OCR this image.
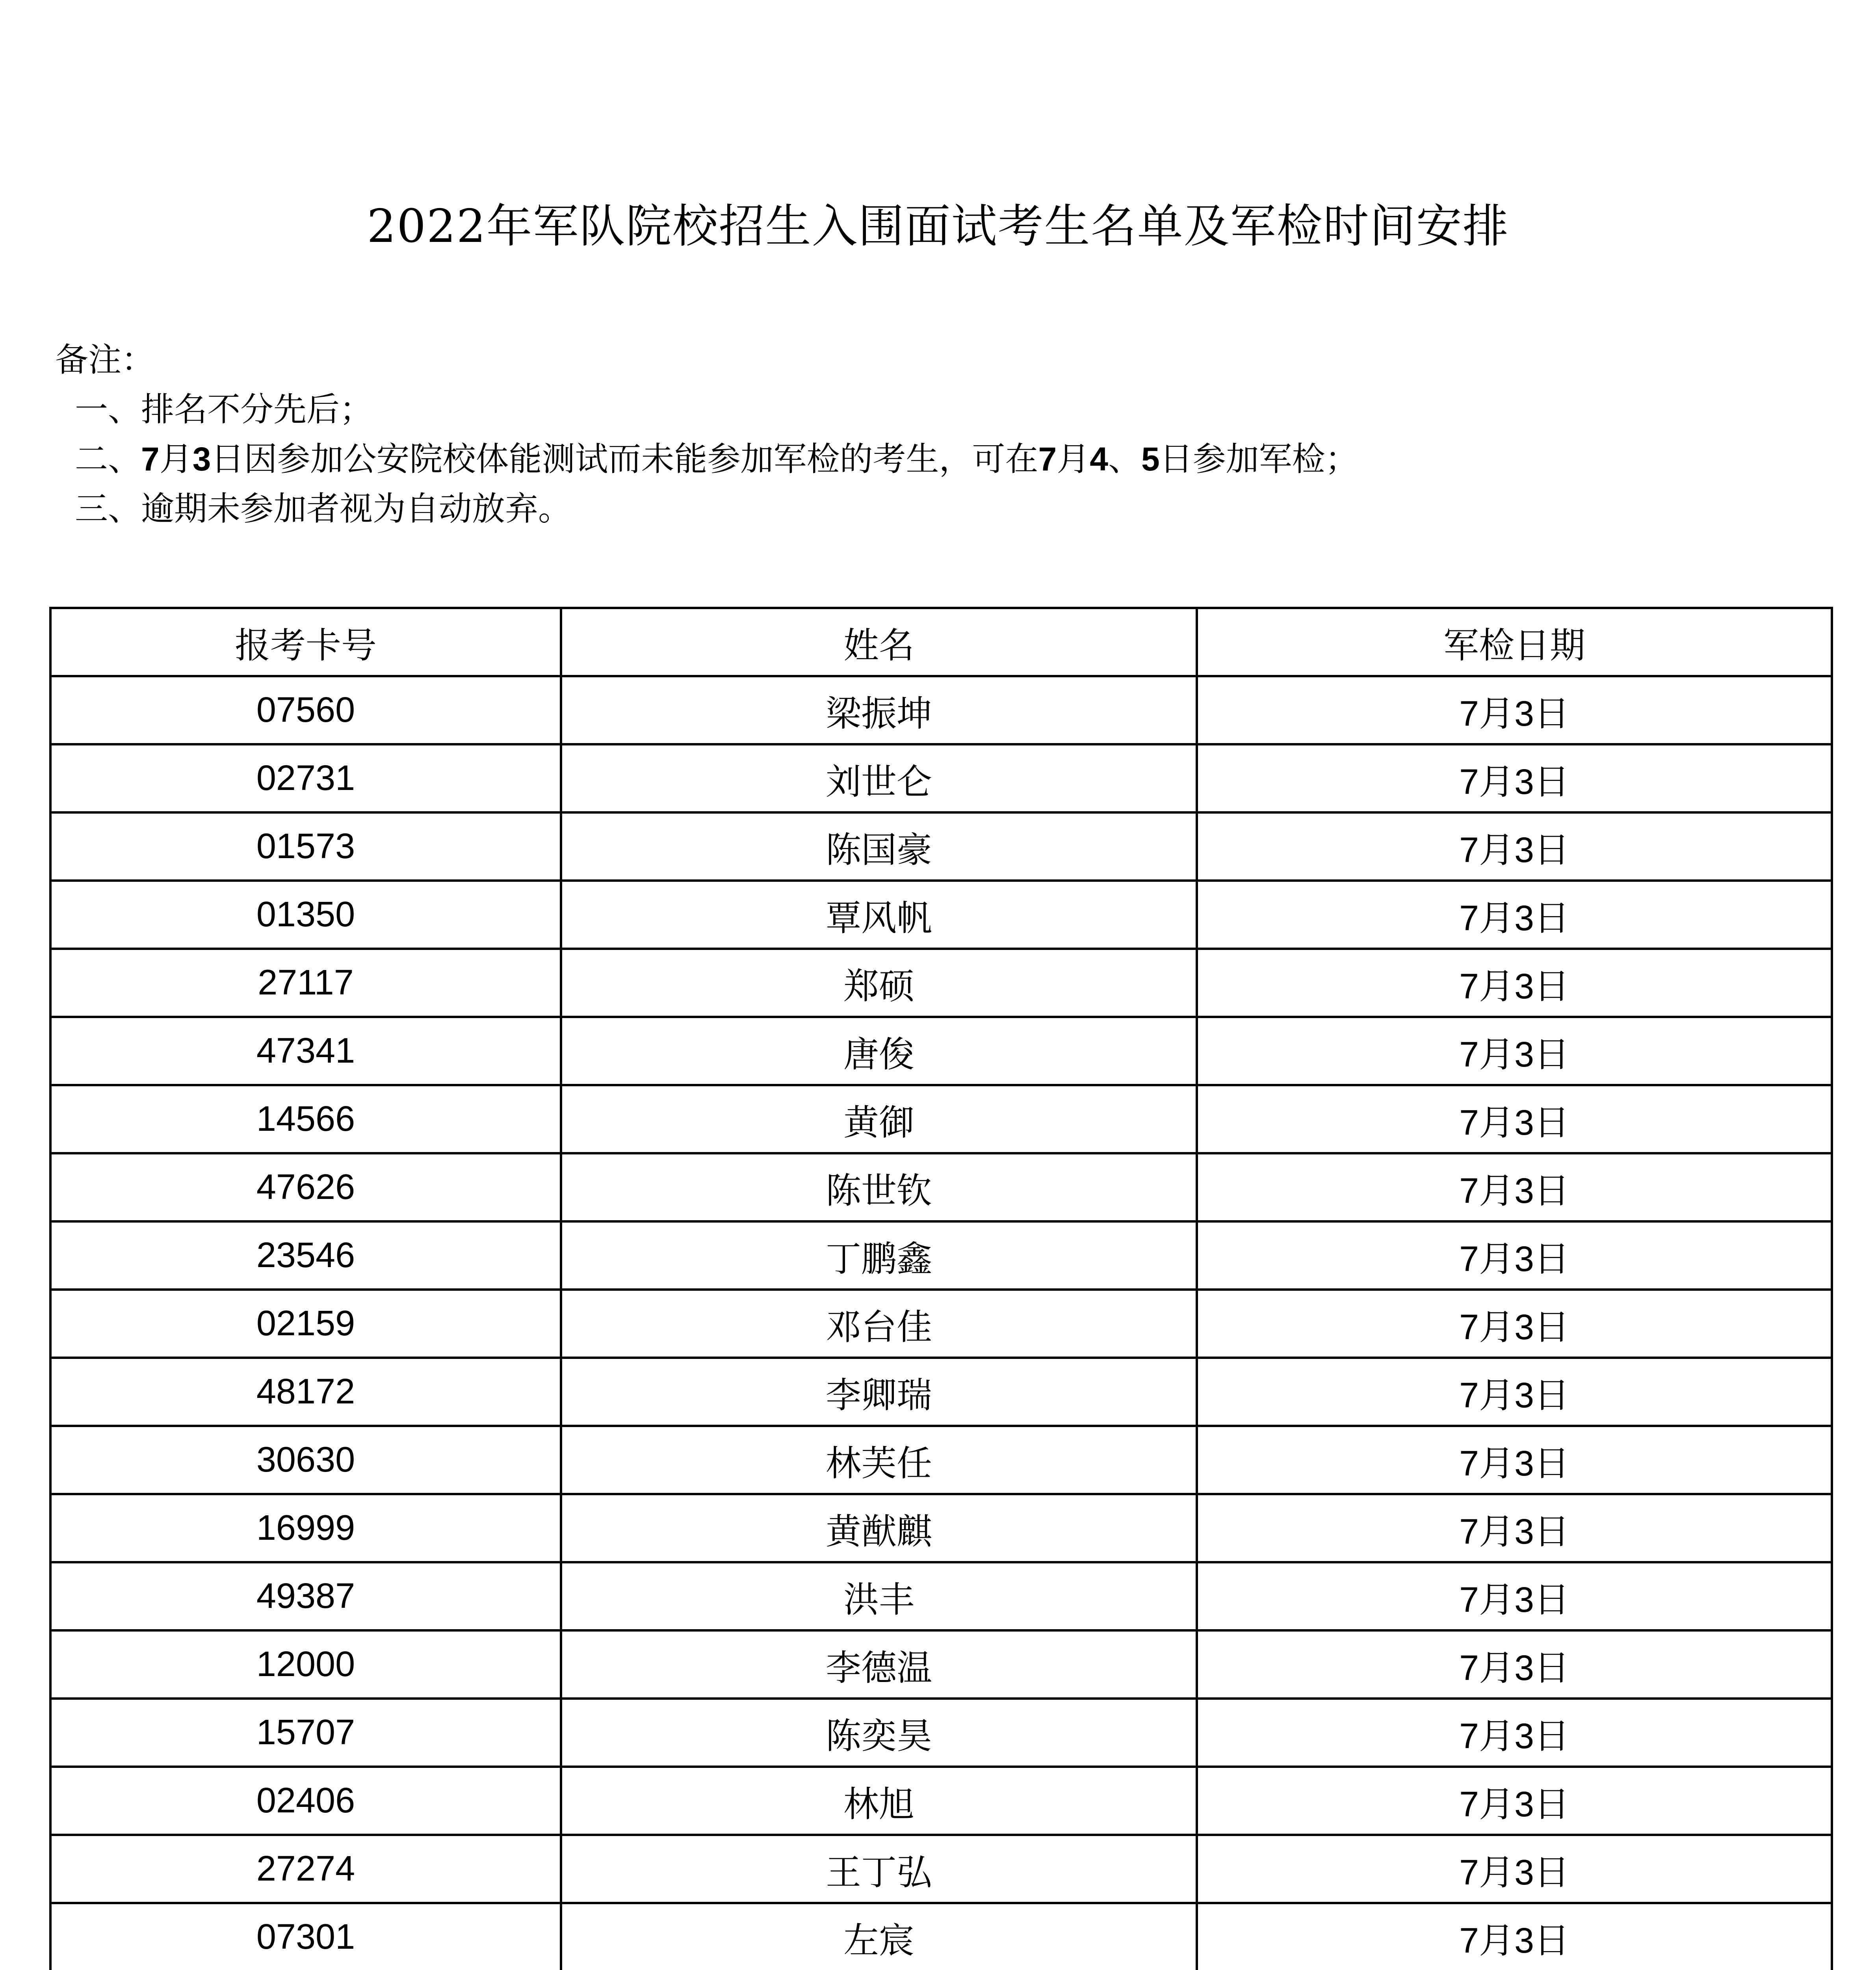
2022年军队院校招生入围面试考生名单及军检时间安排
备注：
一、排名不分先后；
二、7月3日因参加公安院校体能测试而未能参加军检的考生，可在7月4、5日参加军检；
三、逾期未参加者视为自动放弃。
报考卡号	姓名	军检日期
07560	梁振坤	7月3日
02731	刘世仑	7月3日
01573	陈国豪	7月3日
01350	覃风帆	7月3日
27117	郑硕	7月3日
47341	唐俊	7月3日
14566	黄御	7月3日
47626	陈世钦	7月3日
23546	丁鹏鑫	7月3日
02159	邓台佳	7月3日
48172	李卿瑞	7月3日
30630	林芙任	7月3日
16999	黄猷麒	7月3日
49387	洪丰	7月3日
12000	李德温	7月3日
15707	陈奕昊	7月3日
02406	林旭	7月3日
27274	王丁弘	7月3日
07301	左宸	7月3日
